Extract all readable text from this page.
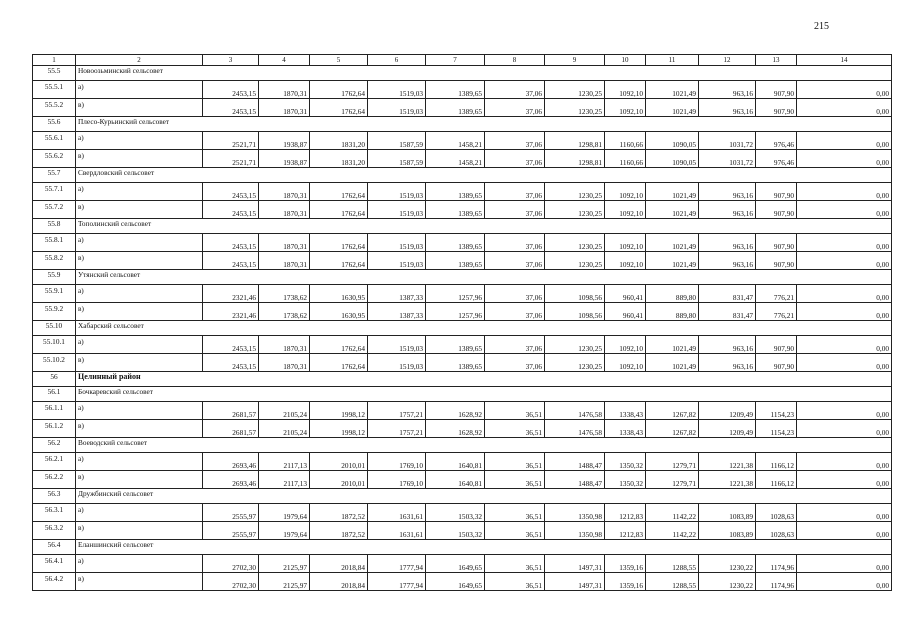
215
1	2	3	4	5	6	7	8	9	10	11	12	13	14
55.5	Новоозьминский сельсовет												
55.5.1	а)	2453,15	1870,31	1762,64	1519,03	1389,65	37,06	1230,25	1092,10	1021,49	963,16	907,90	0,00
55.5.2	в)	2453,15	1870,31	1762,64	1519,03	1389,65	37,06	1230,25	1092,10	1021,49	963,16	907,90	0,00
55.6	Плесо-Курьинский сельсовет												
55.6.1	а)	2521,71	1938,87	1831,20	1587,59	1458,21	37,06	1298,81	1160,66	1090,05	1031,72	976,46	0,00
55.6.2	в)	2521,71	1938,87	1831,20	1587,59	1458,21	37,06	1298,81	1160,66	1090,05	1031,72	976,46	0,00
55.7	Свердловский сельсовет												
55.7.1	а)	2453,15	1870,31	1762,64	1519,03	1389,65	37,06	1230,25	1092,10	1021,49	963,16	907,90	0,00
55.7.2	в)	2453,15	1870,31	1762,64	1519,03	1389,65	37,06	1230,25	1092,10	1021,49	963,16	907,90	0,00
55.8	Тополинский сельсовет												
55.8.1	а)	2453,15	1870,31	1762,64	1519,03	1389,65	37,06	1230,25	1092,10	1021,49	963,16	907,90	0,00
55.8.2	в)	2453,15	1870,31	1762,64	1519,03	1389,65	37,06	1230,25	1092,10	1021,49	963,16	907,90	0,00
55.9	Утянский сельсовет												
55.9.1	а)	2321,46	1738,62	1630,95	1387,33	1257,96	37,06	1098,56	960,41	889,80	831,47	776,21	0,00
55.9.2	в)	2321,46	1738,62	1630,95	1387,33	1257,96	37,06	1098,56	960,41	889,80	831,47	776,21	0,00
55.10	Хабарский сельсовет												
55.10.1	а)	2453,15	1870,31	1762,64	1519,03	1389,65	37,06	1230,25	1092,10	1021,49	963,16	907,90	0,00
55.10.2	в)	2453,15	1870,31	1762,64	1519,03	1389,65	37,06	1230,25	1092,10	1021,49	963,16	907,90	0,00
56	Целинный район												
56.1	Бочкаревский сельсовет												
56.1.1	а)	2681,57	2105,24	1998,12	1757,21	1628,92	36,51	1476,58	1338,43	1267,82	1209,49	1154,23	0,00
56.1.2	в)	2681,57	2105,24	1998,12	1757,21	1628,92	36,51	1476,58	1338,43	1267,82	1209,49	1154,23	0,00
56.2	Воеводский сельсовет												
56.2.1	а)	2693,46	2117,13	2010,01	1769,10	1640,81	36,51	1488,47	1350,32	1279,71	1221,38	1166,12	0,00
56.2.2	в)	2693,46	2117,13	2010,01	1769,10	1640,81	36,51	1488,47	1350,32	1279,71	1221,38	1166,12	0,00
56.3	Дружбинский сельсовет												
56.3.1	а)	2555,97	1979,64	1872,52	1631,61	1503,32	36,51	1350,98	1212,83	1142,22	1083,89	1028,63	0,00
56.3.2	в)	2555,97	1979,64	1872,52	1631,61	1503,32	36,51	1350,98	1212,83	1142,22	1083,89	1028,63	0,00
56.4	Еланшинский сельсовет												
56.4.1	а)	2702,30	2125,97	2018,84	1777,94	1649,65	36,51	1497,31	1359,16	1288,55	1230,22	1174,96	0,00
56.4.2	в)	2702,30	2125,97	2018,84	1777,94	1649,65	36,51	1497,31	1359,16	1288,55	1230,22	1174,96	0,00
